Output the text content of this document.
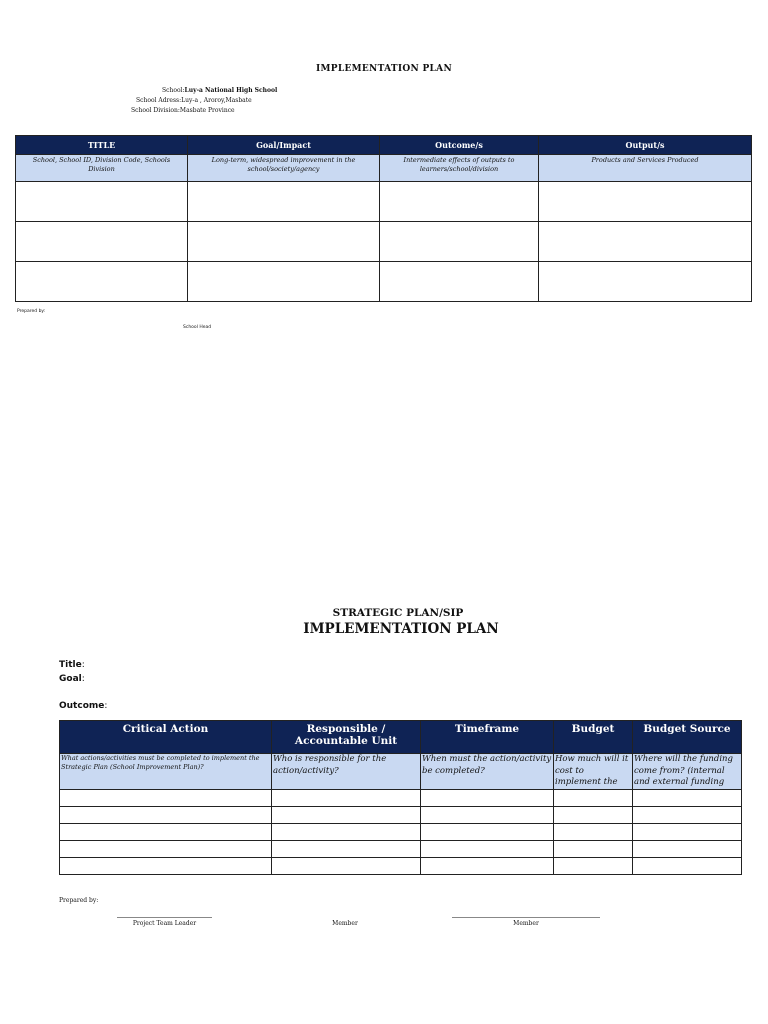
IMPLEMENTATION PLAN
School:Luy-a National High School
School Adress:Luy-a , Aroroy,Masbate
School Division:Masbate Province
TITLE	Goal/Impact	Outcome/s	Output/s
School, School ID, Division Code, Schools Division	Long-term, widespread improvement in the school/society/agency	Intermediate effects of outputs to learners/school/division	Products and Services Produced

Prepared by:
School Head
STRATEGIC PLAN/SIP
IMPLEMENTATION PLAN
Title:
Goal:
Outcome:
Critical Action	Responsible / Accountable Unit	Timeframe	Budget	Budget Source
What actions/activities must be completed to implement the Strategic Plan (School Improvement Plan)?	Who is responsible for the action/activity?	When must the action/activity be completed?	How much will it cost to implement the	Where will the funding come from? (internal and external funding

Prepared by:
Project Team Leader	Member	Member
